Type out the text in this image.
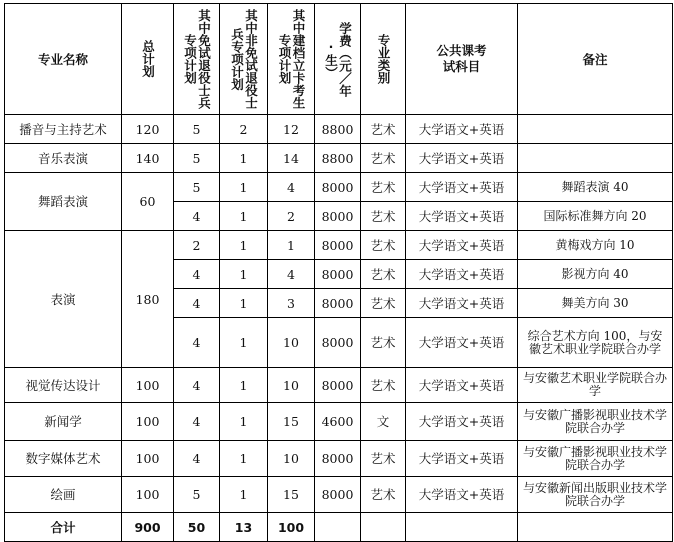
专业名称	总计划	其中免试退役士兵专项计划	其中非免试退役士兵专项计划	其中建档立卡考生专项计划	学费（元／年·生）	专业类别	公共课考试科目	备注
播音与主持艺术	120	5	2	12	8800	艺术	大学语文+英语	
音乐表演	140	5	1	14	8800	艺术	大学语文+英语	
舞蹈表演	60	5	1	4	8000	艺术	大学语文+英语	舞蹈表演 40
		4	1	2	8000	艺术	大学语文+英语	国际标准舞方向 20
表演	180	2	1	1	8000	艺术	大学语文+英语	黄梅戏方向 10
		4	1	4	8000	艺术	大学语文+英语	影视方向 40
		4	1	3	8000	艺术	大学语文+英语	舞美方向 30
		4	1	10	8000	艺术	大学语文+英语	综合艺术方向 100，与安徽艺术职业学院联合办学
视觉传达设计	100	4	1	10	8000	艺术	大学语文+英语	与安徽艺术职业学院联合办学
新闻学	100	4	1	15	4600	文	大学语文+英语	与安徽广播影视职业技术学院联合办学
数字媒体艺术	100	4	1	10	8000	艺术	大学语文+英语	与安徽广播影视职业技术学院联合办学
绘画	100	5	1	15	8000	艺术	大学语文+英语	与安徽新闻出版职业技术学院联合办学
合计	900	50	13	100				
